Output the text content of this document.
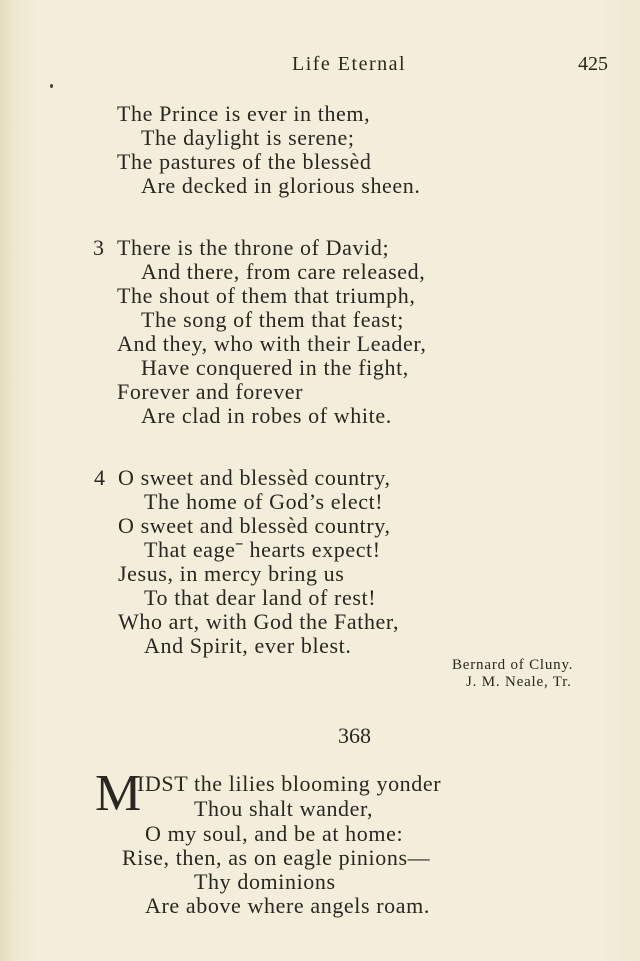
Life Eternal	425
The Prince is ever in them,
The daylight is serene;
The pastures of the blessèd
Are decked in glorious sheen.
3 There is the throne of David;
And there, from care released,
The shout of them that triumph,
The song of them that feast;
And they, who with their Leader,
Have conquered in the fight,
Forever and forever
Are clad in robes of white.
4 O sweet and blessèd country,
The home of God’s elect!
O sweet and blessèd country,
That eageˉ hearts expect!
Jesus, in mercy bring us
To that dear land of rest!
Who art, with God the Father,
And Spirit, ever blest.
Bernard of Cluny.
J. M. Neale, Tr.
368
M
IDST the lilies blooming yonder
Thou shalt wander,
O my soul, and be at home:
Rise, then, as on eagle pinions—
Thy dominions
Are above where angels roam.
